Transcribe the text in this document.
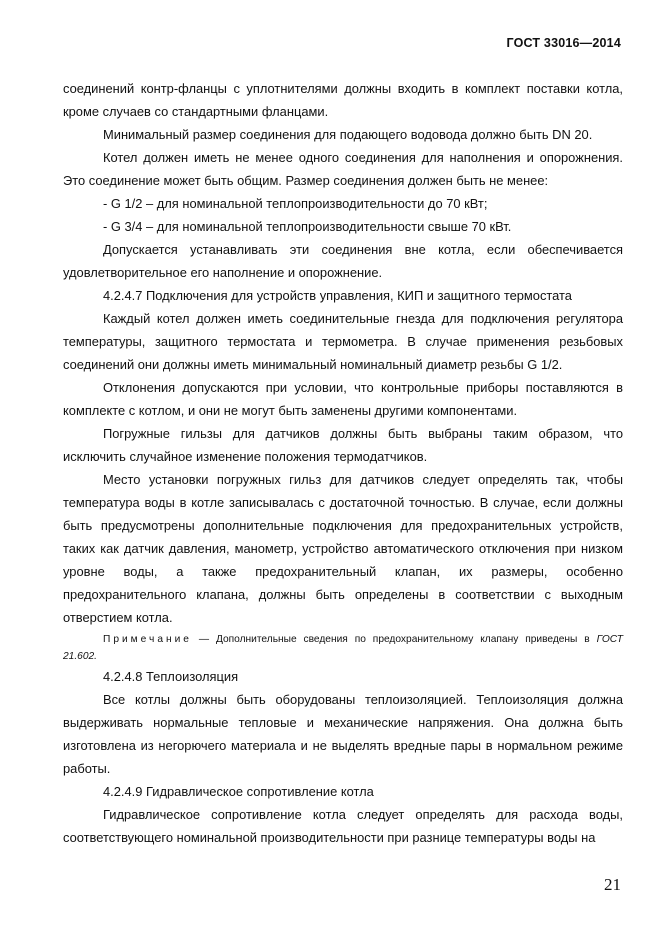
ГОСТ 33016—2014

соединений контр-фланцы с уплотнителями должны входить в комплект поставки котла, кроме случаев со стандартными фланцами.

Минимальный размер соединения для подающего водовода должно быть DN 20.

Котел должен иметь не менее одного соединения для наполнения и опорожнения. Это соединение может быть общим. Размер соединения должен быть не менее:

- G 1/2 – для номинальной теплопроизводительности до 70 кВт;

- G 3/4 – для номинальной теплопроизводительности свыше 70 кВт.

Допускается устанавливать эти соединения вне котла, если обеспечивается удовлетворительное его наполнение и опорожнение.

4.2.4.7 Подключения для устройств управления, КИП и защитного термостата

Каждый котел должен иметь соединительные гнезда для подключения регулятора температуры, защитного термостата и термометра. В случае применения резьбовых соединений они должны иметь минимальный номинальный диаметр резьбы G 1/2.

Отклонения допускаются при условии, что контрольные приборы поставляются в комплекте с котлом, и они не могут быть заменены другими компонентами.

Погружные гильзы для датчиков должны быть выбраны таким образом, что исключить случайное изменение положения термодатчиков.

Место установки погружных гильз для датчиков следует определять так, чтобы температура воды в котле записывалась с достаточной точностью. В случае, если должны быть предусмотрены дополнительные подключения для предохранительных устройств, таких как датчик давления, манометр, устройство автоматического отключения при низком уровне воды, а также предохранительный клапан, их размеры, особенно предохранительного клапана, должны быть определены в соответствии с выходным отверстием котла.

Примечание — Дополнительные сведения по предохранительному клапану приведены в ГОСТ 21.602.

4.2.4.8 Теплоизоляция

Все котлы должны быть оборудованы теплоизоляцией. Теплоизоляция должна выдерживать нормальные тепловые и механические напряжения. Она должна быть изготовлена из негорючего материала и не выделять вредные пары в нормальном режиме работы.

4.2.4.9 Гидравлическое сопротивление котла

Гидравлическое сопротивление котла следует определять для расхода воды, соответствующего номинальной производительности при разнице температуры воды на

21
